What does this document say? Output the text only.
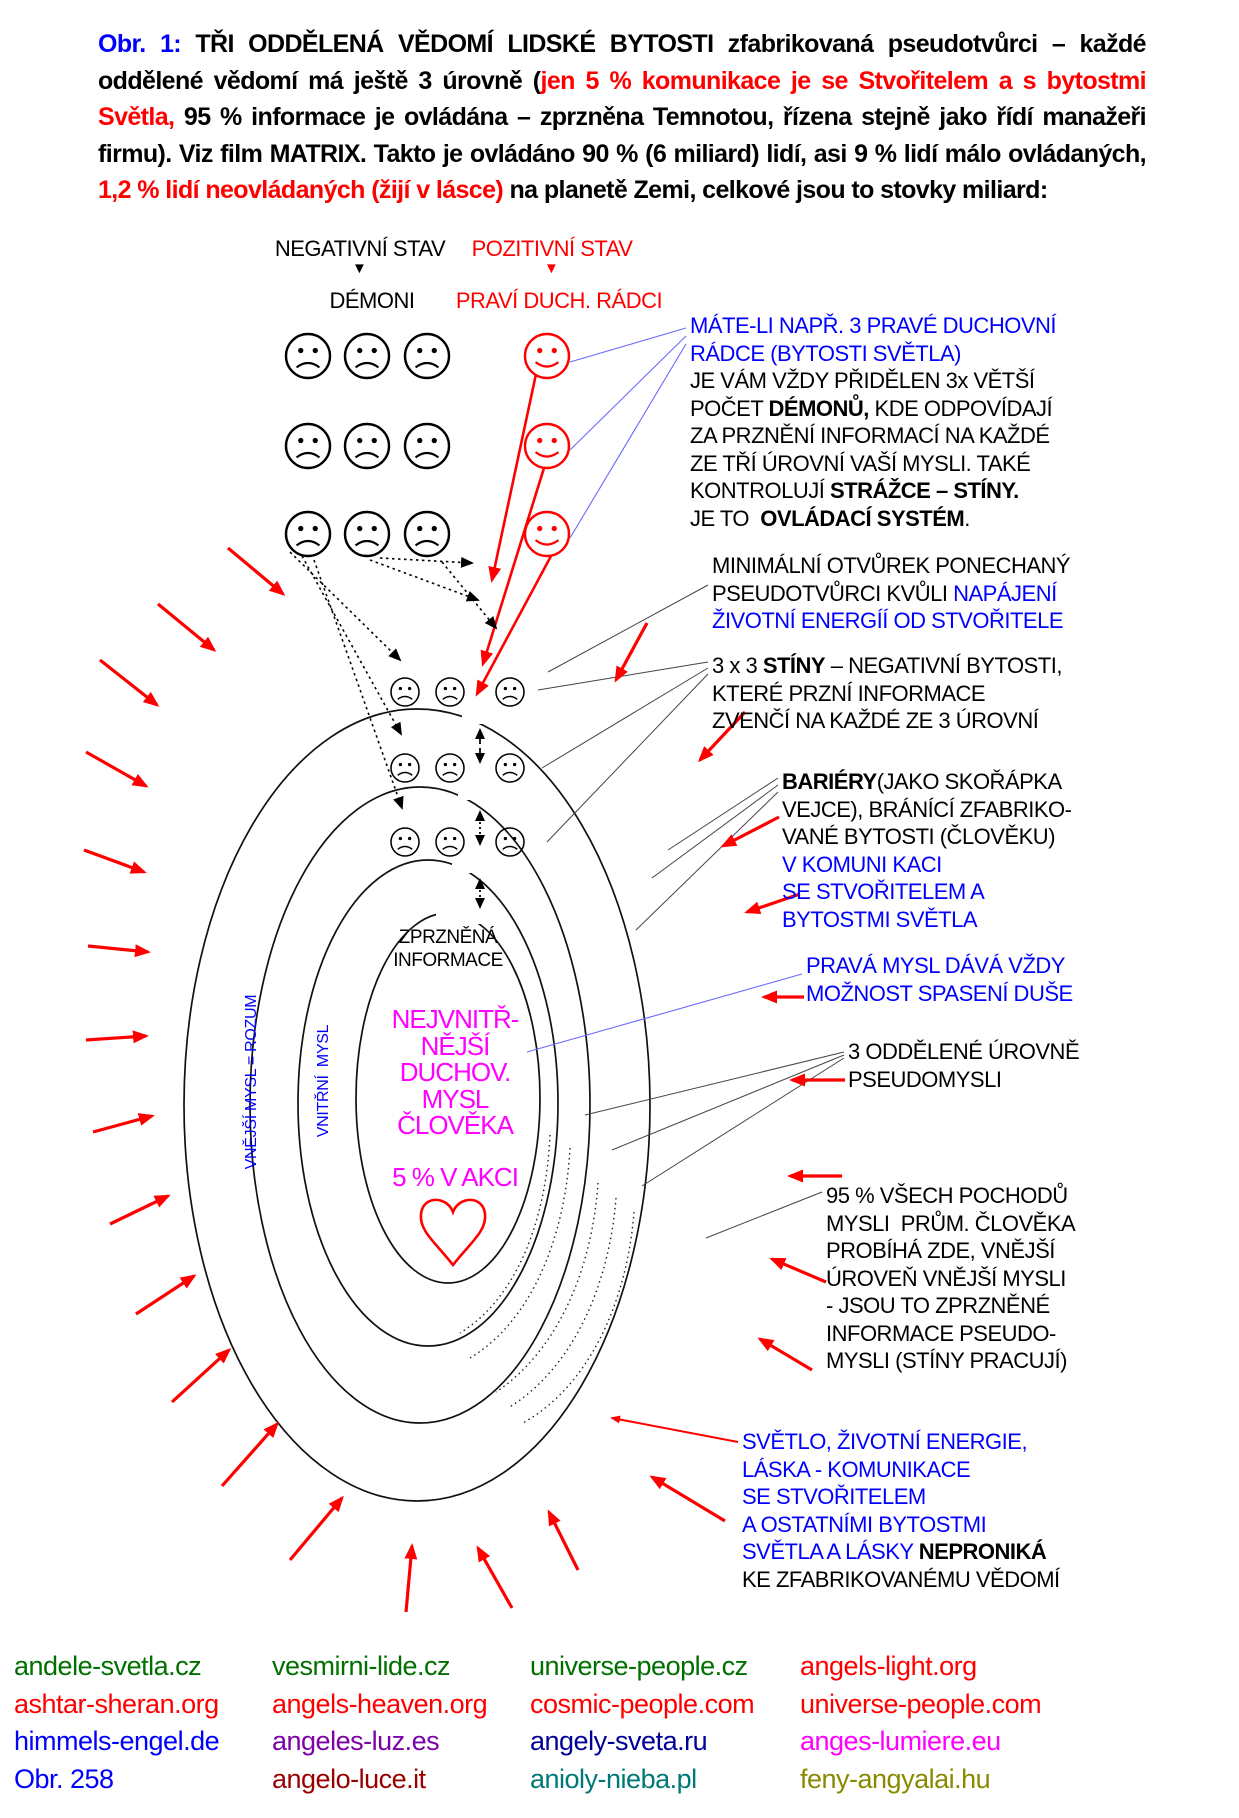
Obr. 1: TŘI ODDĚLENÁ VĚDOMÍ LIDSKÉ BYTOSTI zfabrikovaná pseudotvůrci – každé oddělené vědomí má ještě 3 úrovně (jen 5 % komunikace je se Stvořitelem a s bytostmi Světla, 95 % informace je ovládána – zprzněna Temnotou, řízena stejně jako řídí manažeři firmu). Viz film MATRIX. Takto je ovládáno 90 % (6 miliard) lidí, asi 9 % lidí málo ovládaných, 1,2 % lidí neovládaných (žijí v lásce) na planetě Zemi, celkové jsou to stovky miliard:
NEGATIVNÍ STAV
▼
DÉMONI
POZITIVNÍ STAV
▼
PRAVÍ DUCH. RÁDCI
MÁTE-LI NAPŘ. 3 PRAVÉ DUCHOVNÍ
RÁDCE (BYTOSTI SVĚTLA)
JE VÁM VŽDY PŘIDĚLEN 3x VĚTŠÍ
POČET DÉMONŮ, KDE ODPOVÍDAJÍ
ZA PRZNĚNÍ INFORMACÍ NA KAŽDÉ
ZE TŘÍ ÚROVNÍ VAŠÍ MYSLI. TAKÉ
KONTROLUJÍ STRÁŽCE – STÍNY.
JE TO  OVLÁDACÍ SYSTÉM.
MINIMÁLNÍ OTVŮREK PONECHANÝ
PSEUDOTVŮRCI KVŮLI NAPÁJENÍ
ŽIVOTNÍ ENERGÍÍ OD STVOŘITELE
3 x 3 STÍNY – NEGATIVNÍ BYTOSTI,
KTERÉ PRZNÍ INFORMACE
ZVENČÍ NA KAŽDÉ ZE 3 ÚROVNÍ
BARIÉRY(JAKO SKOŘÁPKA
VEJCE), BRÁNÍCÍ ZFABRIKO-
VANÉ BYTOSTI (ČLOVĚKU)
V KOMUNI KACI
SE STVOŘITELEM A
BYTOSTMI SVĚTLA
PRAVÁ MYSL DÁVÁ VŽDY
MOŽNOST SPASENÍ DUŠE
3 ODDĚLENÉ ÚROVNĚ
PSEUDOMYSLI
95 % VŠECH POCHODŮ
MYSLI  PRŮM. ČLOVĚKA
PROBÍHÁ ZDE, VNĚJŠÍ
ÚROVEŇ VNĚJŠÍ MYSLI
- JSOU TO ZPRZNĚNÉ
INFORMACE PSEUDO-
MYSLI (STÍNY PRACUJÍ)
SVĚTLO, ŽIVOTNÍ ENERGIE,
LÁSKA - KOMUNIKACE
SE STVOŘITELEM
A OSTATNÍMI BYTOSTMI
SVĚTLA A LÁSKY NEPRONIKÁ
KE ZFABRIKOVANÉMU VĚDOMÍ
ZPRZNĚNÁ
INFORMACE
NEJVNITŘ-
NĚJŠÍ
DUCHOV.
MYSL
ČLOVĚKA
5 % V AKCI
VNĚJŠÍ MYSL = ROZUM	VNITŘNÍ  MYSL
andele-svetla.cz
ashtar-sheran.org
himmels-engel.de
Obr. 258
vesmirni-lide.cz
angels-heaven.org
angeles-luz.es
angelo-luce.it
universe-people.cz
cosmic-people.com
angely-sveta.ru
anioly-nieba.pl
angels-light.org
universe-people.com
anges-lumiere.eu
feny-angyalai.hu
